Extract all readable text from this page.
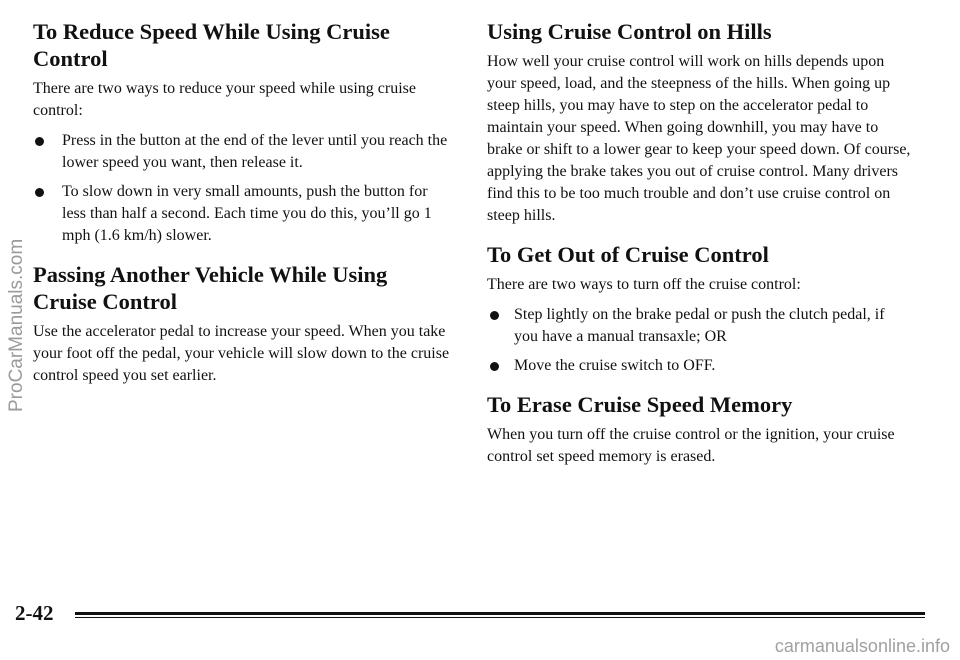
To Reduce Speed While Using Cruise Control

There are two ways to reduce your speed while using cruise control:

Press in the button at the end of the lever until you reach the lower speed you want, then release it.
To slow down in very small amounts, push the button for less than half a second. Each time you do this, you’ll go 1 mph (1.6 km/h) slower.
Passing Another Vehicle While Using Cruise Control

Use the accelerator pedal to increase your speed. When you take your foot off the pedal, your vehicle will slow down to the cruise control speed you set earlier.

Using Cruise Control on Hills

How well your cruise control will work on hills depends upon your speed, load, and the steepness of the hills. When going up steep hills, you may have to step on the accelerator pedal to maintain your speed. When going downhill, you may have to brake or shift to a lower gear to keep your speed down. Of course, applying the brake takes you out of cruise control. Many drivers find this to be too much trouble and don’t use cruise control on steep hills.

To Get Out of Cruise Control

There are two ways to turn off the cruise control:

Step lightly on the brake pedal or push the clutch pedal, if you have a manual transaxle; OR
Move the cruise switch to OFF.
To Erase Cruise Speed Memory

When you turn off the cruise control or the ignition, your cruise control set speed memory is erased.

2-42
ProCarManuals.com
carmanualsonline.info
